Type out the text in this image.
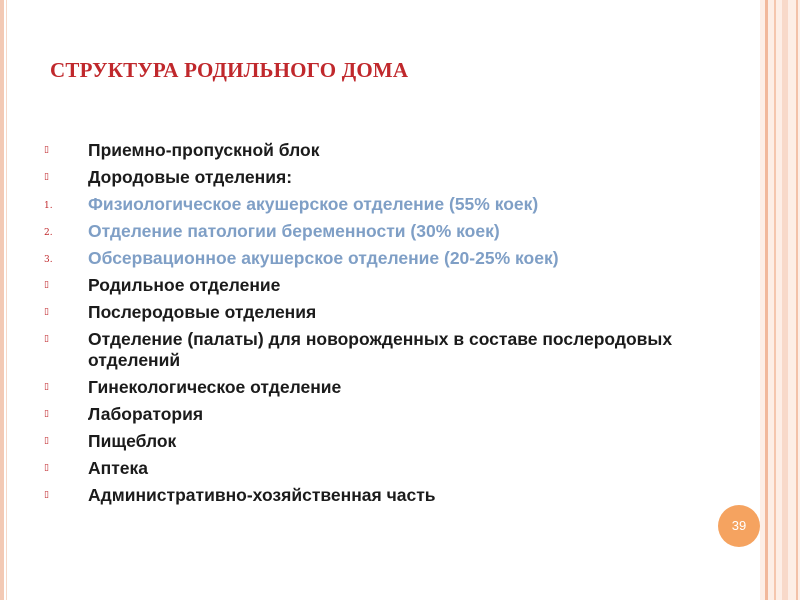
СТРУКТУРА РОДИЛЬНОГО ДОМА
▯	Приемно-пропускной блок
▯	Дородовые отделения:
1.	Физиологическое акушерское отделение (55% коек)
2.	Отделение патологии беременности (30% коек)
3.	Обсервационное акушерское отделение (20-25% коек)
▯	Родильное отделение
▯	Послеродовые отделения
▯	Отделение (палаты) для новорожденных в составе послеродовых отделений
▯	Гинекологическое отделение
▯	Лаборатория
▯	Пищеблок
▯	Аптека
▯	Административно-хозяйственная часть
39
